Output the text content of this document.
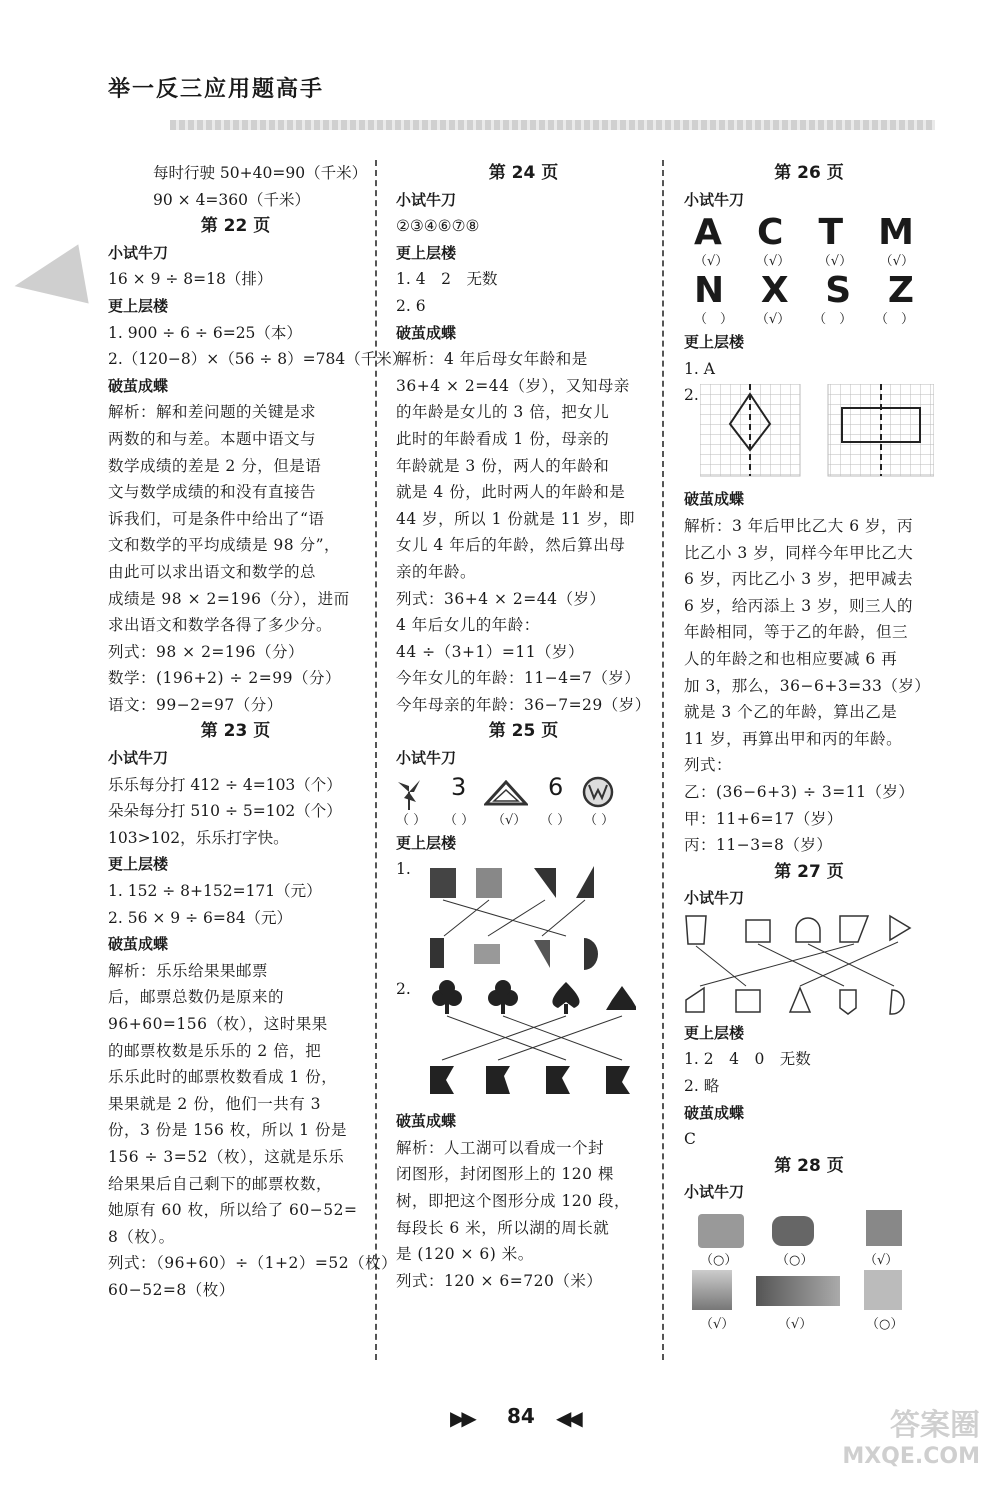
举一反三应用题高手
每时行驶 50+40=90（千米）
90 × 4=360（千米）
第 22 页
小试牛刀
16 × 9 ÷ 8=18（排）
更上层楼
1. 900 ÷ 6 ÷ 6=25（本）
2.（120−8）×（56 ÷ 8）=784（千米）
破茧成蝶
解析：解和差问题的关键是求
两数的和与差。本题中语文与
数学成绩的差是 2 分，但是语
文与数学成绩的和没有直接告
诉我们，可是条件中给出了“语
文和数学的平均成绩是 98 分”，
由此可以求出语文和数学的总
成绩是 98 × 2=196（分），进而
求出语文和数学各得了多少分。
列式：98 × 2=196（分）
数学：(196+2) ÷ 2=99（分）
语文：99−2=97（分）
第 23 页
小试牛刀
乐乐每分打 412 ÷ 4=103（个）
朵朵每分打 510 ÷ 5=102（个）
103>102，乐乐打字快。
更上层楼
1. 152 ÷ 8+152=171（元）
2. 56 × 9 ÷ 6=84（元）
破茧成蝶
解析：乐乐给果果邮票
后，邮票总数仍是原来的
96+60=156（枚），这时果果
的邮票枚数是乐乐的 2 倍，把
乐乐此时的邮票枚数看成 1 份，
果果就是 2 份，他们一共有 3
份，3 份是 156 枚，所以 1 份是
156 ÷ 3=52（枚），这就是乐乐
给果果后自己剩下的邮票枚数，
她原有 60 枚，所以给了 60−52=
8（枚）。
列式：（96+60）÷（1+2）=52（枚）
60−52=8（枚）
第 24 页
小试牛刀
②③④⑥⑦⑧
更上层楼
1. 4　2　无数
2. 6
破茧成蝶
解析：4 年后母女年龄和是
36+4 × 2=44（岁），又知母亲
的年龄是女儿的 3 倍，把女儿
此时的年龄看成 1 份，母亲的
年龄就是 3 份，两人的年龄和
就是 4 份，此时两人的年龄和是
44 岁，所以 1 份就是 11 岁，即
女儿 4 年后的年龄，然后算出母
亲的年龄。
列式：36+4 × 2=44（岁）
4 年后女儿的年龄：
44 ÷（3+1）=11（岁）
今年女儿的年龄：11−4=7（岁）
今年母亲的年龄：36−7=29（岁）
第 25 页
小试牛刀
3	6
（ ） （ ） （√） （ ） （ ）
更上层楼
1.
2.
破茧成蝶
解析：人工湖可以看成一个封
闭图形，封闭图形上的 120 棵
树，即把这个图形分成 120 段，
每段长 6 米，所以湖的周长就
是 (120 × 6) 米。
列式：120 × 6=720（米）
第 26 页
小试牛刀
A C T M
（√） （√） （√） （√）
N X S Z
（　） （√） （　） （　）
更上层楼
1. A
2.
破茧成蝶
解析：3 年后甲比乙大 6 岁，丙
比乙小 3 岁，同样今年甲比乙大
6 岁，丙比乙小 3 岁，把甲减去
6 岁，给丙添上 3 岁，则三人的
年龄相同，等于乙的年龄，但三
人的年龄之和也相应要减 6 再
加 3，那么，36−6+3=33（岁）
就是 3 个乙的年龄，算出乙是
11 岁，再算出甲和丙的年龄。
列式：
乙：(36−6+3) ÷ 3=11（岁）
甲：11+6=17（岁）
丙：11−3=8（岁）
第 27 页
小试牛刀
更上层楼
1. 2　4　0　无数
2. 略
破茧成蝶
C
第 28 页
小试牛刀
（○）	（○）	（√）
（√）	（√）	（○）
▶▶ 84 ◀◀	答案圈
MXQE.COM
